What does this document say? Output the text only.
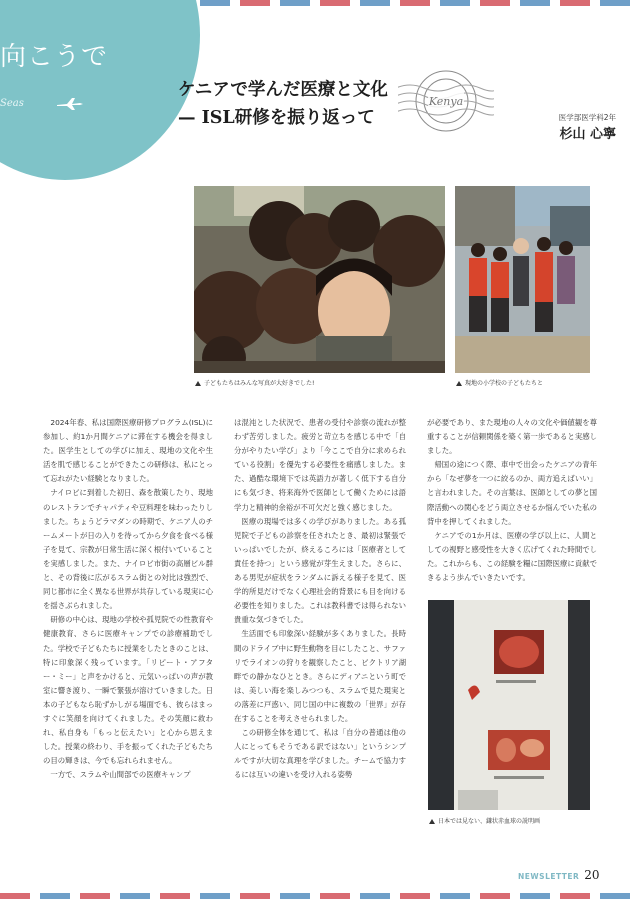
向こうで
Seas
ケニアで学んだ医療と文化
— ISL研修を振り返って
Kenya
医学部医学科2年
杉山 心寧
子どもたちはみんな写真が大好きでした!	現地の小学校の子どもたちと

2024年春、私は国際医療研修プログラム(ISL)に参加し、約1か月間ケニアに滞在する機会を得ました。医学生としての学びに加え、現地の文化や生活を肌で感じることができたこの研修は、私にとって忘れがたい経験となりました。

ナイロビに到着した初日、森を散策したり、現地のレストランでチャパティや豆料理を味わったりしました。ちょうどラマダンの時期で、ケニア人のチームメートが日の入りを待ってから夕食を食べる様子を見て、宗教が日常生活に深く根付いていることを実感しました。また、ナイロビ市街の高層ビル群と、その背後に広がるスラム街との対比は強烈で、同じ都市に全く異なる世界が共存している現実に心を揺さぶられました。

研修の中心は、現地の学校や孤児院での性教育や健康教育、さらに医療キャンプでの診療補助でした。学校で子どもたちに授業をしたときのことは、特に印象深く残っています。「リピート・アフター・ミー」と声をかけると、元気いっぱいの声が教室に響き渡り、一瞬で緊張が溶けていきました。日本の子どもなら恥ずかしがる場面でも、彼らはまっすぐに笑顔を向けてくれました。その笑顔に救われ、私自身も「もっと伝えたい」と心から思えました。授業の終わり、手を振ってくれた子どもたちの目の輝きは、今でも忘れられません。

一方で、スラムや山間部での医療キャンプ

は混沌とした状況で、患者の受付や診察の流れが整わず苦労しました。疲労と苛立ちを感じる中で「自分がやりたい学び」より「今ここで自分に求められている役割」を優先する必要性を痛感しました。また、過酷な環境下では英語力が著しく低下する自分にも気づき、将来海外で医師として働くためには語学力と精神的余裕が不可欠だと強く感じました。

医療の現場では多くの学びがありました。ある孤児院で子どもの診察を任されたとき、最初は緊張でいっぱいでしたが、終えるころには「医療者として責任を持つ」という感覚が芽生えました。さらに、ある男児が症状をランダムに訴える様子を見て、医学的所見だけでなく心理社会的背景にも目を向ける必要性を知りました。これは教科書では得られない貴重な気づきでした。

生活面でも印象深い経験が多くありました。長時間のドライブ中に野生動物を目にしたこと、サファリでライオンの狩りを観察したこと、ビクトリア湖畔での静かなひととき。さらにディアニという町では、美しい海を楽しみつつも、スラムで見た現実との落差に戸惑い、同じ国の中に複数の「世界」が存在することを考えさせられました。

この研修全体を通じて、私は「自分の普通は他の人にとってもそうである訳ではない」というシンプルですが大切な真理を学びました。チームで協力するには互いの違いを受け入れる姿勢

が必要であり、また現地の人々の文化や価値観を尊重することが信頼関係を築く第一歩であると実感しました。

帰国の途につく際、車中で出会ったケニアの青年から「なぜ夢を一つに絞るのか、両方追えばいい」と言われました。その言葉は、医師としての夢と国際活動への関心をどう両立させるか悩んでいた私の背中を押してくれました。

ケニアでの1か月は、医療の学び以上に、人間としての視野と感受性を大きく広げてくれた時間でした。これからも、この経験を糧に国際医療に貢献できるよう歩んでいきたいです。

日本では見ない、鎌状赤血球の説明画
NEWSLETTER 20
